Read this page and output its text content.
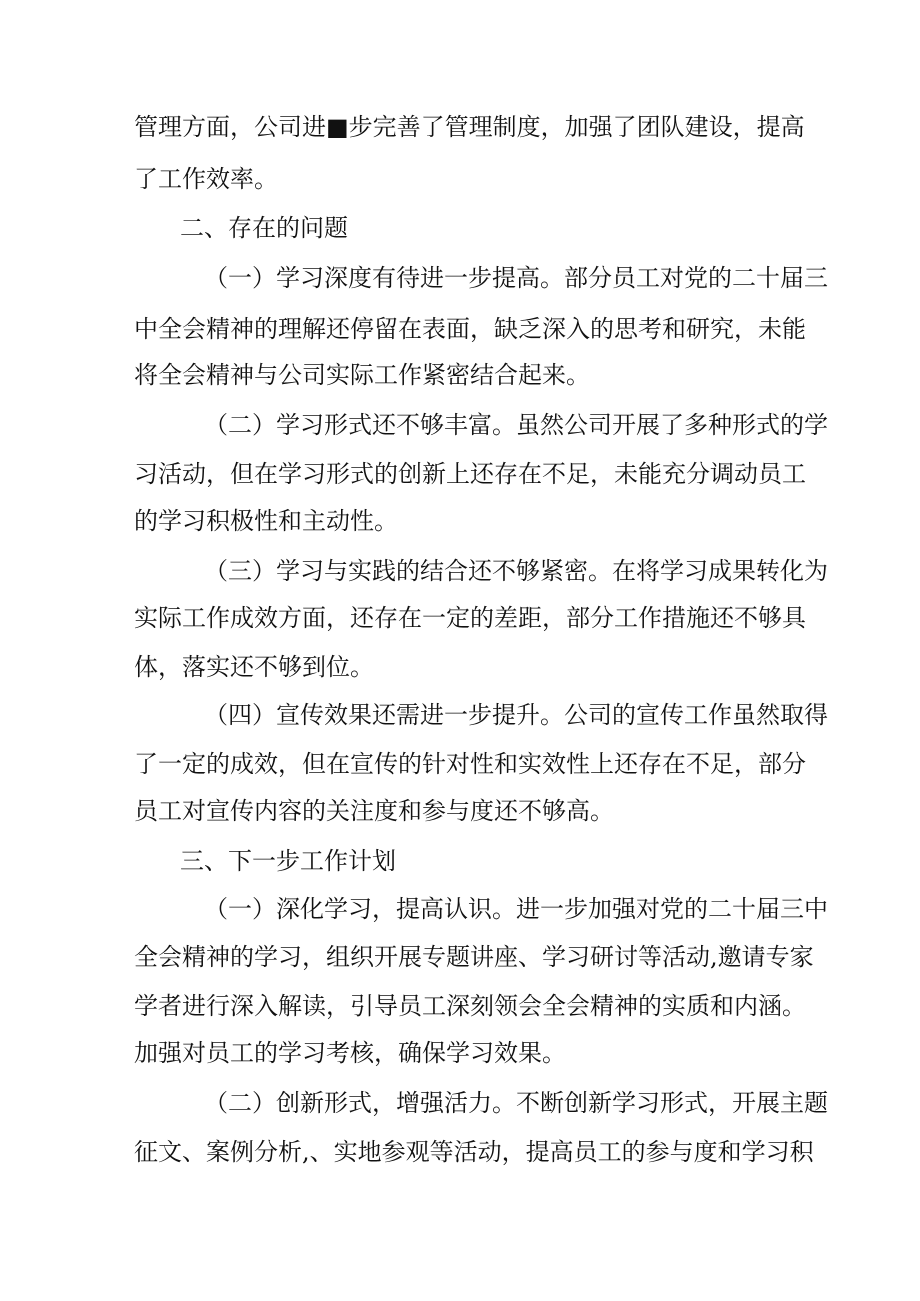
管理方面，公司进■步完善了管理制度，加强了团队建设，提高
了工作效率。
二、存在的问题
（一）学习深度有待进一步提高。部分员工对党的二十届三
中全会精神的理解还停留在表面，缺乏深入的思考和研究，未能
将全会精神与公司实际工作紧密结合起来。
（二）学习形式还不够丰富。虽然公司开展了多种形式的学
习活动，但在学习形式的创新上还存在不足，未能充分调动员工
的学习积极性和主动性。
（三）学习与实践的结合还不够紧密。在将学习成果转化为
实际工作成效方面，还存在一定的差距，部分工作措施还不够具
体，落实还不够到位。
（四）宣传效果还需进一步提升。公司的宣传工作虽然取得
了一定的成效，但在宣传的针对性和实效性上还存在不足，部分
员工对宣传内容的关注度和参与度还不够高。
三、下一步工作计划
（一）深化学习，提高认识。进一步加强对党的二十届三中
全会精神的学习，组织开展专题讲座、学习研讨等活动,邀请专家
学者进行深入解读，引导员工深刻领会全会精神的实质和内涵。
加强对员工的学习考核，确保学习效果。
（二）创新形式，增强活力。不断创新学习形式，开展主题
征文、案例分析,、实地参观等活动，提高员工的参与度和学习积
